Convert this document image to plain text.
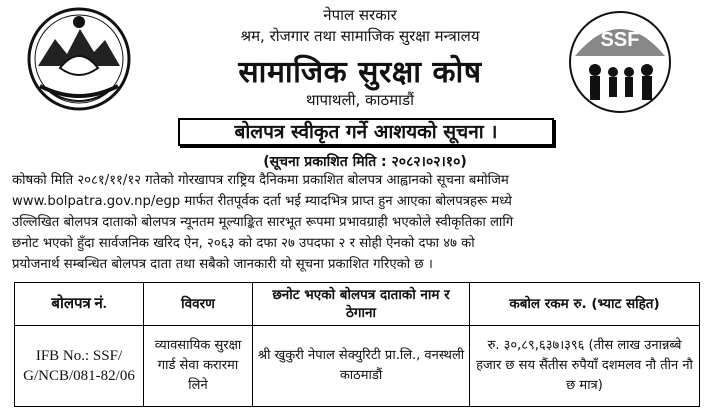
नेपाल सरकार
श्रम, रोजगार तथा सामाजिक सुरक्षा मन्त्रालय
सामाजिक सुरक्षा कोष
थापाथली, काठमाडौं
SSF
बोलपत्र स्वीकृत गर्ने आशयको सूचना ।
(सूचना प्रकाशित मिति : २०८२।०२।१०)
कोषको मिति २०८१/११/१२ गतेको गोरखापत्र राष्ट्रिय दैनिकमा प्रकाशित बोलपत्र आह्वानको सूचना बमोजिम
www.bolpatra.gov.np/egp मार्फत रीतपूर्वक दर्ता भई म्यादभित्र प्राप्त हुन आएका बोलपत्रहरू मध्ये
उल्लिखित बोलपत्र दाताको बोलपत्र न्यूनतम मूल्याङ्कित सारभूत रूपमा प्रभावग्राही भएकोले स्वीकृतिका लागि
छनोट भएको हुँदा सार्वजनिक खरिद ऐन, २०६३ को दफा २७ उपदफा २ र सोही ऐनको दफा ४७ को
प्रयोजनार्थ सम्बन्धित बोलपत्र दाता तथा सबैको जानकारी यो सूचना प्रकाशित गरिएको छ ।
बोलपत्र नं.	विवरण	छनोट भएको बोलपत्र दाताको नाम र ठेगाना	कबोल रकम रु. (भ्याट सहित)
IFB No.: SSF/ G/NCB/081-82/06	व्यावसायिक सुरक्षा गार्ड सेवा करारमा लिने	श्री खुकुरी नेपाल सेक्युरिटी प्रा.लि., वनस्थली काठमाडौं	रु. ३०,८९,६३७।३९६ (तीस लाख उनान्नब्बे हजार छ सय सैंतीस रुपैयाँ दशमलव नौ तीन नौ छ मात्र)
